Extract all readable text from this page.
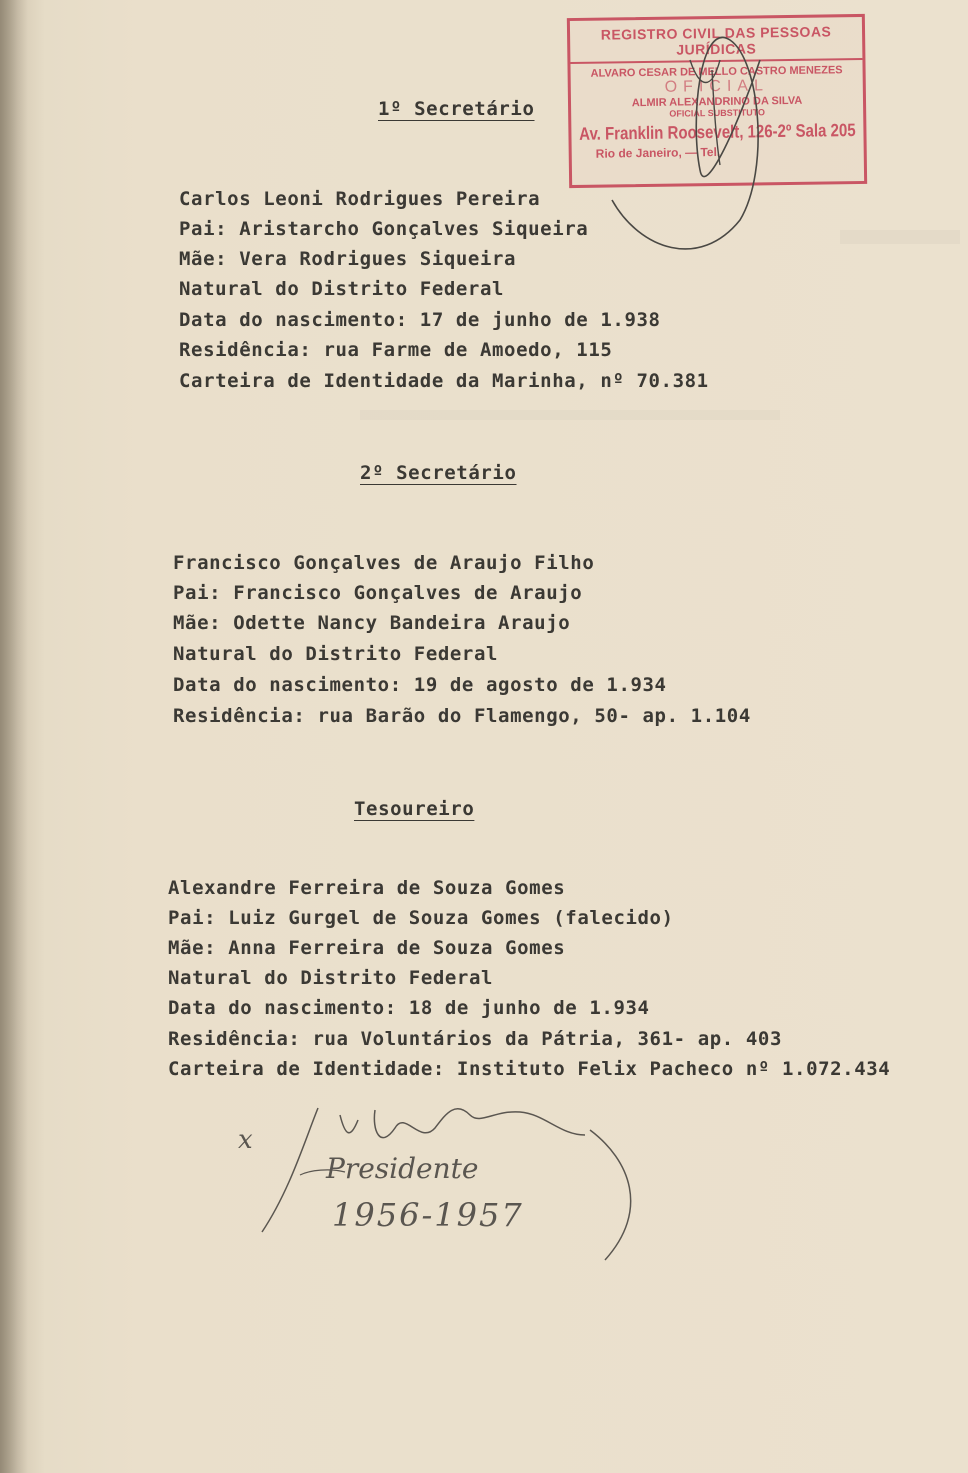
1º Secretário
Carlos Leoni Rodrigues Pereira
Pai: Aristarcho Gonçalves Siqueira
Mãe: Vera Rodrigues Siqueira
Natural do Distrito Federal
Data do nascimento: 17 de junho de 1.938
Residência: rua Farme de Amoedo, 115
Carteira de Identidade da Marinha, nº 70.381
2º Secretário
Francisco Gonçalves de Araujo Filho
Pai: Francisco Gonçalves de Araujo
Mãe: Odette Nancy Bandeira Araujo
Natural do Distrito Federal
Data do nascimento: 19 de agosto de 1.934
Residência: rua Barão do Flamengo, 50- ap. 1.104
Tesoureiro
Alexandre Ferreira de Souza Gomes
Pai: Luiz Gurgel de Souza Gomes (falecido)
Mãe: Anna Ferreira de Souza Gomes
Natural do Distrito Federal
Data do nascimento: 18 de junho de 1.934
Residência: rua Voluntários da Pátria, 361- ap. 403
Carteira de Identidade: Instituto Felix Pacheco nº 1.072.434
REGISTRO CIVIL DAS PESSOAS JURÍDICAS
ALVARO CESAR DE MELLO CASTRO MENEZES
OFICIAL
ALMIR ALEXANDRINO DA SILVA
OFICIAL SUBSTITUTO
Av. Franklin Roosevelt, 126-2º Sala 205
Rio de Janeiro, — Tel.
x
Presidente
1956-1957
